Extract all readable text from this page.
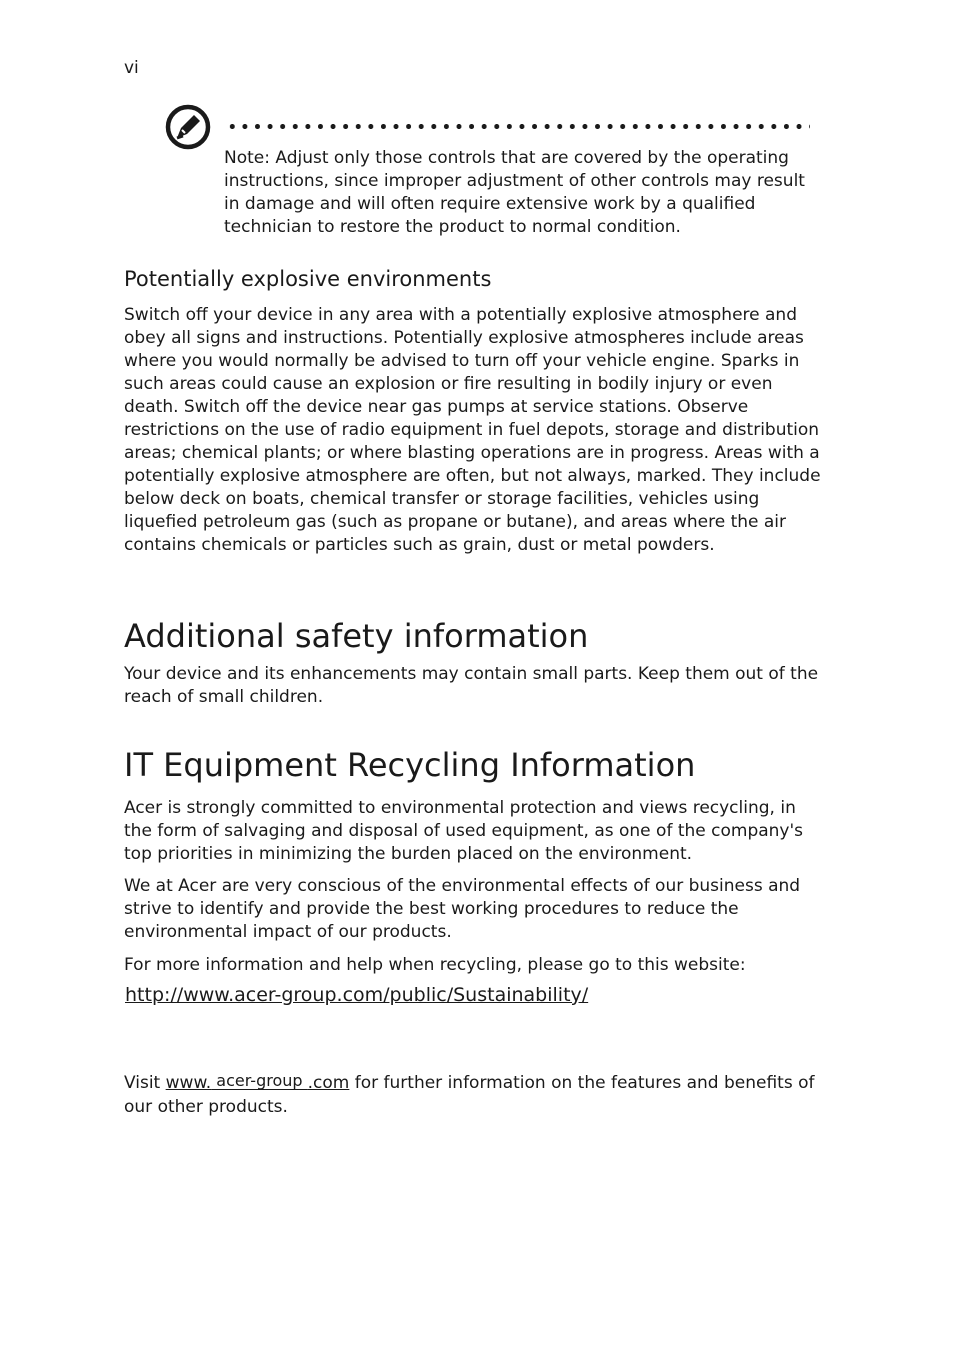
vi
Note: Adjust only those controls that are covered by the operating instructions, since improper adjustment of other controls may result in damage and will often require extensive work by a qualified technician to restore the product to normal condition.
Potentially explosive environments
Switch off your device in any area with a potentially explosive atmosphere and obey all signs and instructions. Potentially explosive atmospheres include areas where you would normally be advised to turn off your vehicle engine. Sparks in such areas could cause an explosion or fire resulting in bodily injury or even death. Switch off the device near gas pumps at service stations. Observe restrictions on the use of radio equipment in fuel depots, storage and distribution areas; chemical plants; or where blasting operations are in progress. Areas with a potentially explosive atmosphere are often, but not always, marked. They include below deck on boats, chemical transfer or storage facilities, vehicles using liquefied petroleum gas (such as propane or butane), and areas where the air contains chemicals or particles such as grain, dust or metal powders.
Additional safety information
Your device and its enhancements may contain small parts. Keep them out of the reach of small children.
IT Equipment Recycling Information
Acer is strongly committed to environmental protection and views recycling, in the form of salvaging and disposal of used equipment, as one of the company's top priorities in minimizing the burden placed on the environment.
We at Acer are very conscious of the environmental effects of our business and strive to identify and provide the best working procedures to reduce the environmental impact of our products.
For more information and help when recycling, please go to this website:
http://www.acer-group.com/public/Sustainability/
Visit www. acer-group .com for further information on the features and benefits of our other products.
